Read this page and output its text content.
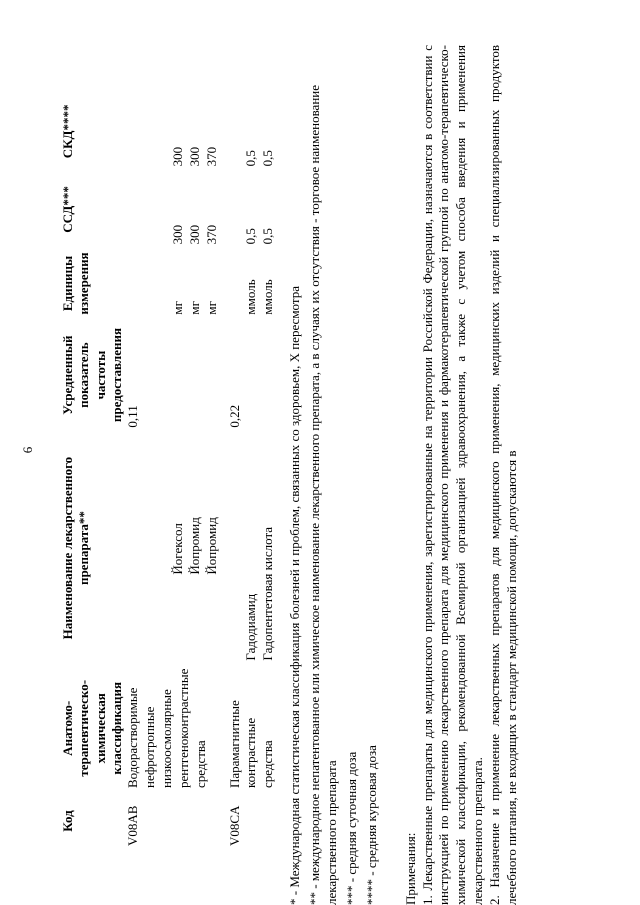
6
Код	Анатомо-терапевтическо-химическая классификация	Наименование лекарственного препарата**	Усредненный показатель частоты предоставления	Единицы измерения	ССД***	СКД****
V08AB	Водорастворимые нефротропные низкоосмолярные рентгеноконтрастные средства		0,11			

		Йогексол		мг	300	300
		Йопромид		мг	300	300
		Йопромид		мг	370	370
V08CA	Парамагнитные контрастные средства		0,22			
		Гадодиамид		ммоль	0,5	0,5
		Гадопентетовая кислота		ммоль	0,5	0,5
* - Международная статистическая классификация болезней и проблем, связанных со здоровьем, X пересмотра ** - международное непатентованное или химическое наименование лекарственного препарата, а в случаях их отсутствия - торговое наименование лекарственного препарата *** - средняя суточная доза **** - средняя курсовая доза Примечания: 1. Лекарственные препараты для медицинского применения, зарегистрированные на территории Российской Федерации, назначаются в соответствии с инструкцией по применению лекарственного препарата для медицинского применения и фармакотерапевтической группой по анатомо-терапевтическо-химической классификации, рекомендованной Всемирной организацией здравоохранения, а также с учетом способа введения и применения лекарственного препарата. 2. Назначение и применение лекарственных препаратов для медицинского применения, медицинских изделий и специализированных продуктов лечебного питания, не входящих в стандарт медицинской помощи, допускаются в
